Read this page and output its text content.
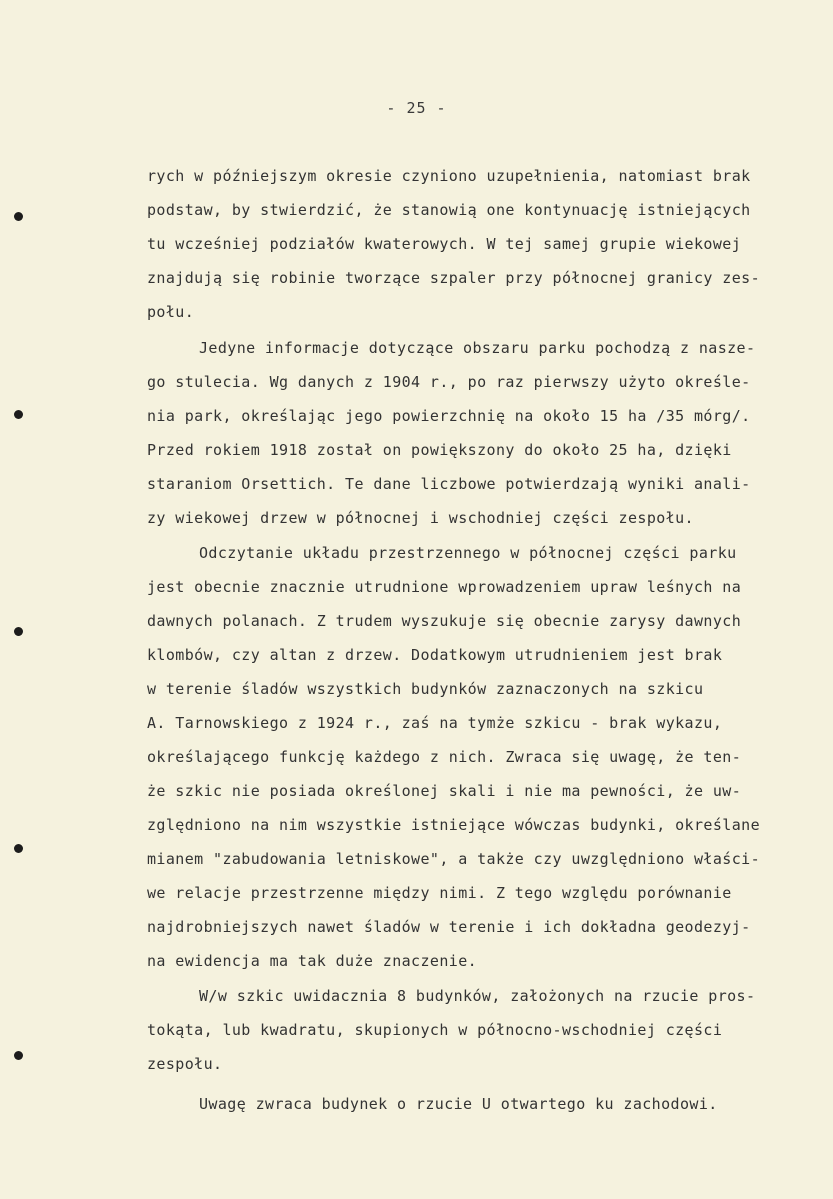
- 25 -
rych w późniejszym okresie czyniono uzupełnienia, natomiast brak
podstaw, by stwierdzić, że stanowią one kontynuację istniejących
tu wcześniej podziałów kwaterowych. W tej samej grupie wiekowej
znajdują się robinie tworzące szpaler przy północnej granicy zes-
połu.
Jedyne informacje dotyczące obszaru parku pochodzą z nasze-
go stulecia. Wg danych z 1904 r., po raz pierwszy użyto określe-
nia park, określając jego powierzchnię na około 15 ha /35 mórg/.
Przed rokiem 1918 został on powiększony do około 25 ha, dzięki
staraniom Orsettich. Te dane liczbowe potwierdzają wyniki anali-
zy wiekowej drzew w północnej i wschodniej części zespołu.
Odczytanie układu przestrzennego w północnej części parku
jest obecnie znacznie utrudnione wprowadzeniem upraw leśnych na
dawnych polanach. Z trudem wyszukuje się obecnie zarysy dawnych
klombów, czy altan z drzew. Dodatkowym utrudnieniem jest brak
w terenie śladów wszystkich budynków zaznaczonych na szkicu
A. Tarnowskiego z 1924 r., zaś na tymże szkicu - brak wykazu,
określającego funkcję każdego z nich. Zwraca się uwagę, że ten-
że szkic nie posiada określonej skali i nie ma pewności, że uw-
zględniono na nim wszystkie istniejące wówczas budynki, określane
mianem "zabudowania letniskowe", a także czy uwzględniono właści-
we relacje przestrzenne między nimi. Z tego względu porównanie
najdrobniejszych nawet śladów w terenie i ich dokładna geodezyj-
na ewidencja ma tak duże znaczenie.
W/w szkic uwidacznia 8 budynków, założonych na rzucie pros-
tokąta, lub kwadratu, skupionych w północno-wschodniej części
zespołu.
Uwagę zwraca budynek o rzucie U otwartego ku zachodowi.
